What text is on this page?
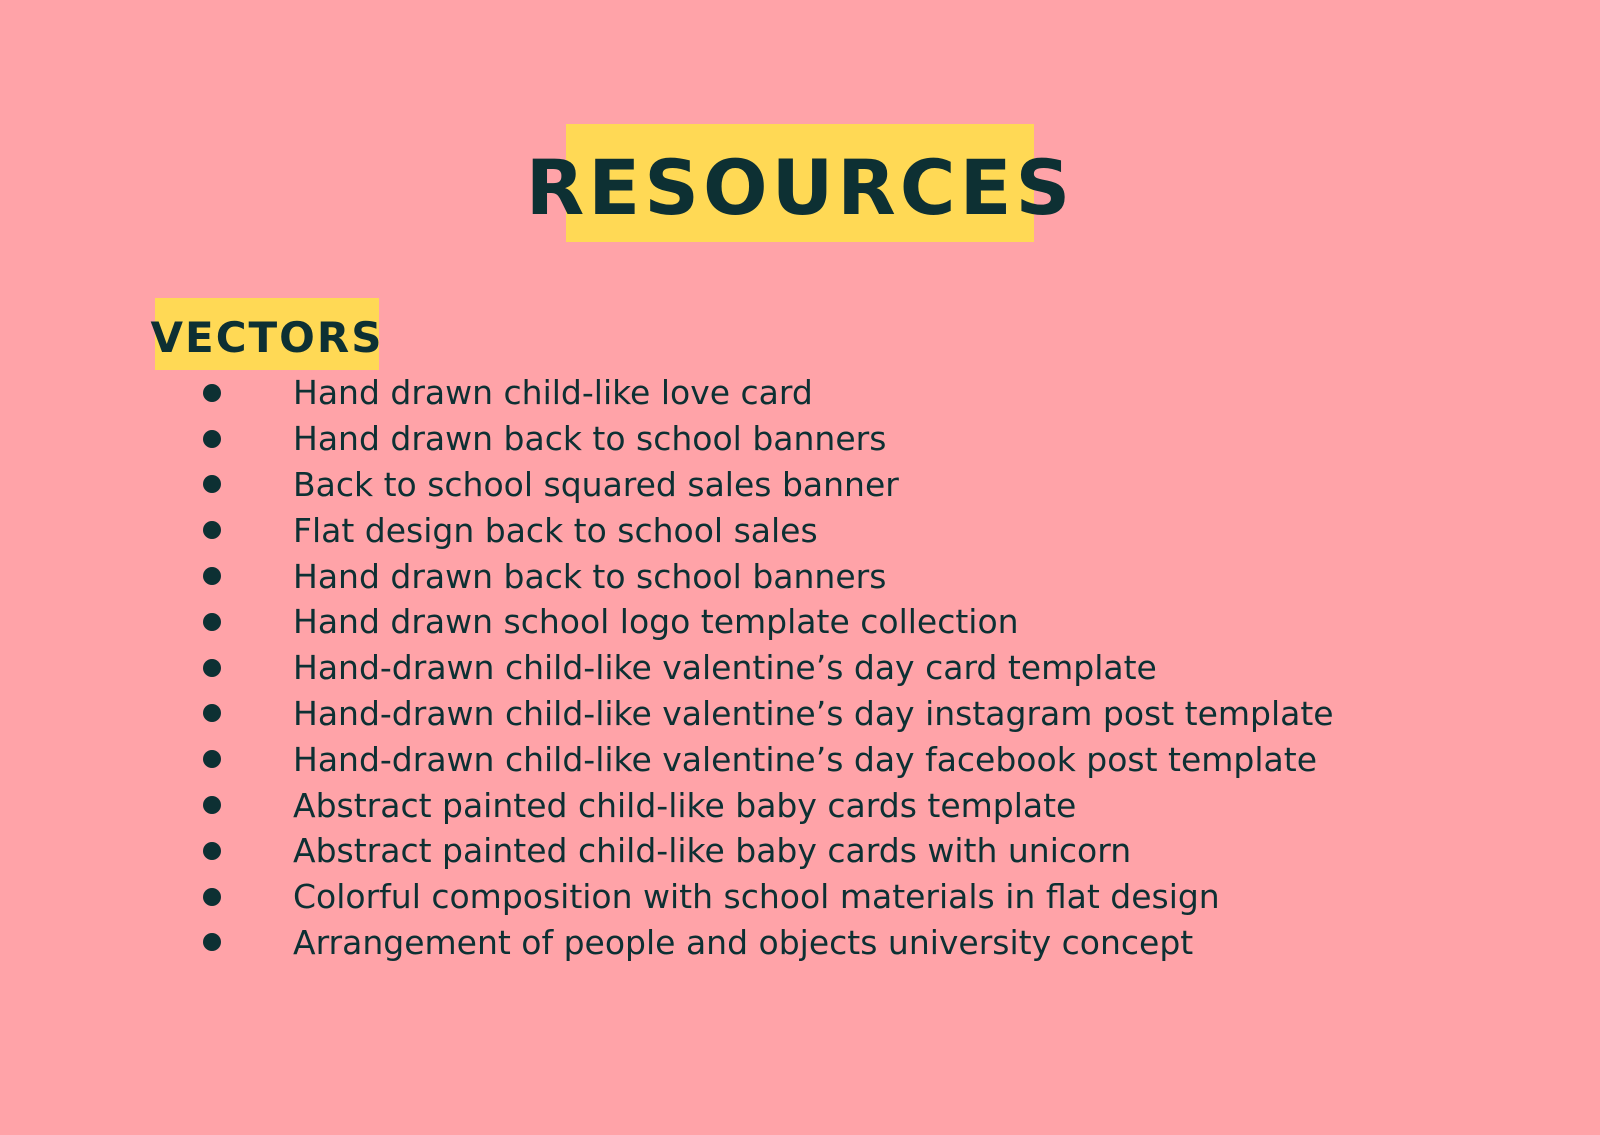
RESOURCES
VECTORS
Hand drawn child-like love card
Hand drawn back to school banners
Back to school squared sales banner
Flat design back to school sales
Hand drawn back to school banners
Hand drawn school logo template collection
Hand-drawn child-like valentine’s day card template
Hand-drawn child-like valentine’s day instagram post template
Hand-drawn child-like valentine’s day facebook post template
Abstract painted child-like baby cards template
Abstract painted child-like baby cards with unicorn
Colorful composition with school materials in flat design
Arrangement of people and objects university concept
